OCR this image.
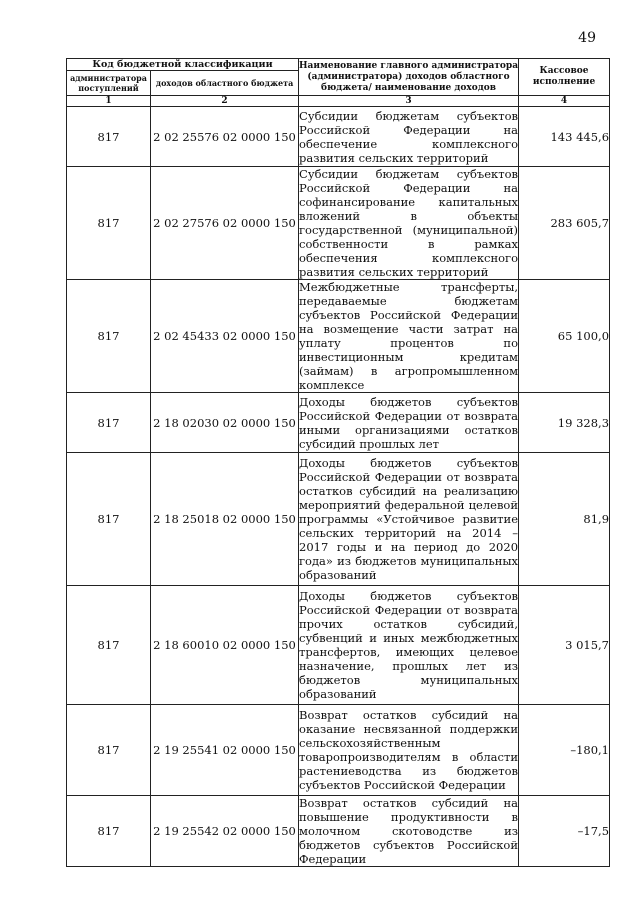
49
Код бюджетной классификации		Наименование главного администратора (администратора) доходов областного бюджета/ наименование доходов	Кассовое исполнение
администратора поступлений	доходов областного бюджета		
1	2	3	4
817	2 02 25576 02 0000 150	Субсидии бюджетам субъектов Российской Федерации на обеспечение комплексного развития сельских территорий	143 445,6
817	2 02 27576 02 0000 150	Субсидии бюджетам субъектов Российской Федерации на софинансирование капитальных вложений в объекты государственной (муниципальной) собственности в рамках обеспечения комплексного развития сельских территорий	283 605,7
817	2 02 45433 02 0000 150	Межбюджетные трансферты, передаваемые бюджетам субъектов Российской Федерации на возмещение части затрат на уплату процентов по инвестиционным кредитам (займам) в агропромышленном комплексе	65 100,0
817	2 18 02030 02 0000 150	Доходы бюджетов субъектов Российской Федерации от возврата иными организациями остатков субсидий прошлых лет	19 328,3
817	2 18 25018 02 0000 150	Доходы бюджетов субъектов Российской Федерации от возврата остатков субсидий на реализацию мероприятий федеральной целевой программы «Устойчивое развитие сельских территорий на 2014 – 2017 годы и на период до 2020 года» из бюджетов муниципальных образований	81,9
817	2 18 60010 02 0000 150	Доходы бюджетов субъектов Российской Федерации от возврата прочих остатков субсидий, субвенций и иных межбюджетных трансфертов, имеющих целевое назначение, прошлых лет из бюджетов муниципальных образований	3 015,7
817	2 19 25541 02 0000 150	Возврат остатков субсидий на оказание несвязанной поддержки сельскохозяйственным товаропроизводителям в области растениеводства из бюджетов субъектов Российской Федерации	–180,1
817	2 19 25542 02 0000 150	Возврат остатков субсидий на повышение продуктивности в молочном скотоводстве из бюджетов субъектов Российской Федерации	–17,5
